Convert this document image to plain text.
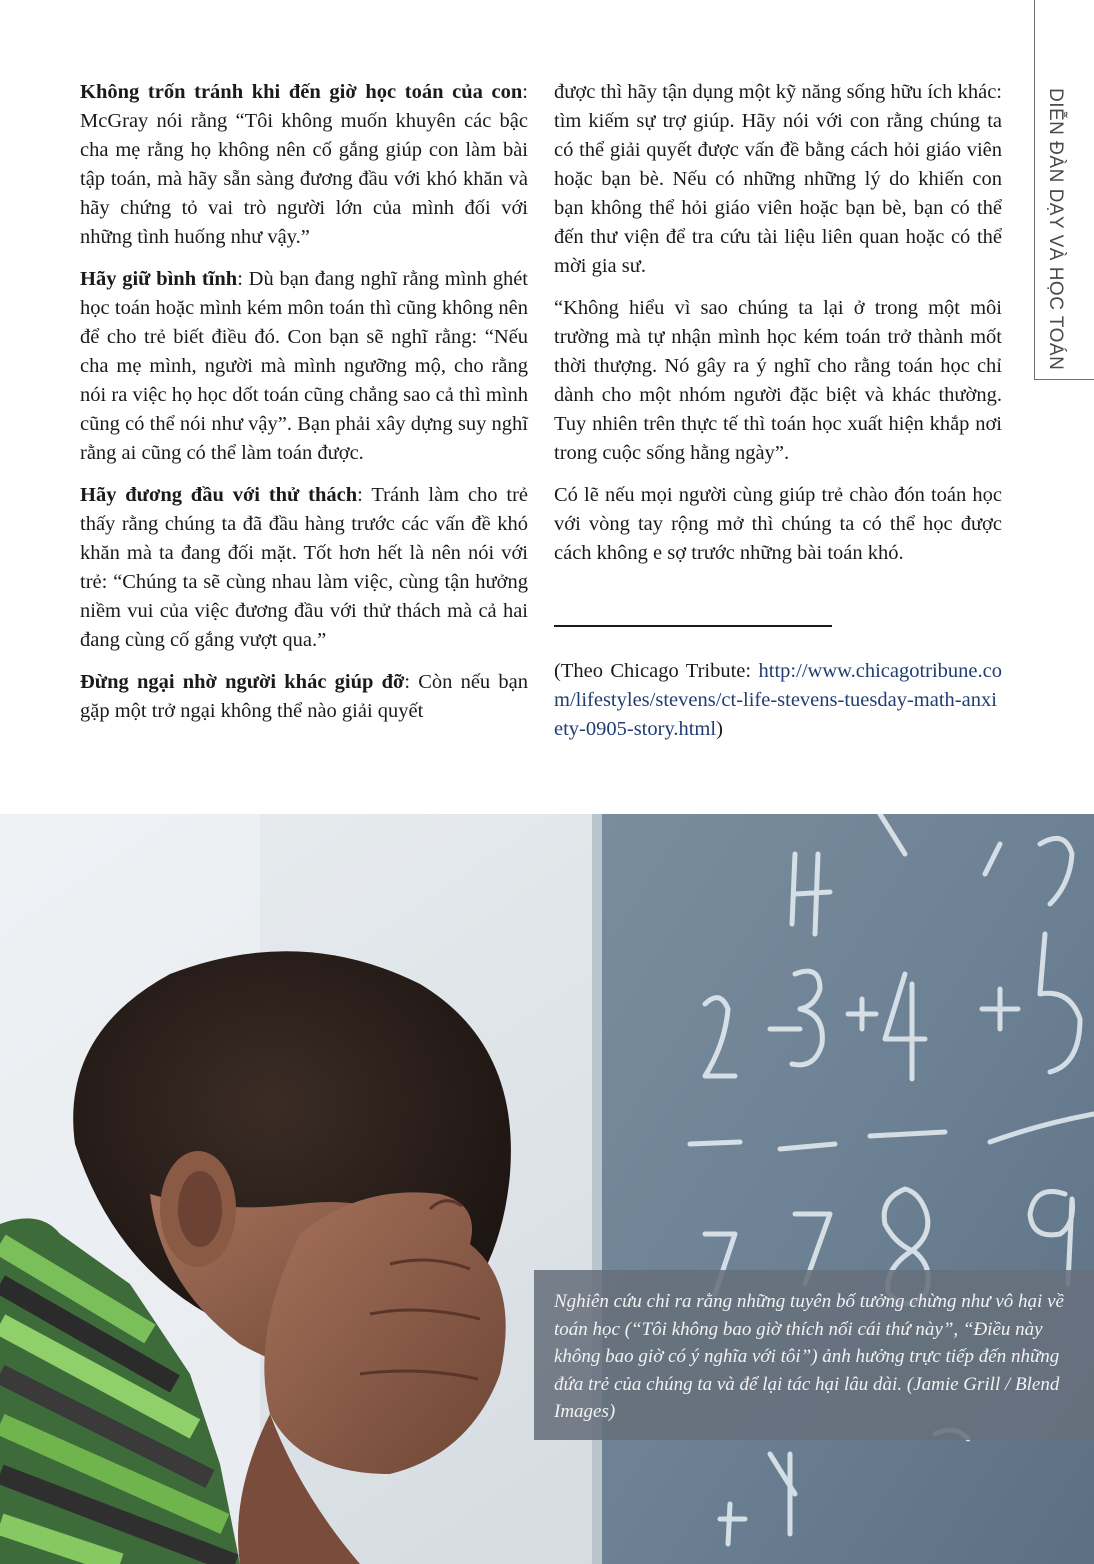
DIỄN ĐÀN DẠY VÀ HỌC TOÁN

Không trốn tránh khi đến giờ học toán của con: McGray nói rằng “Tôi không muốn khuyên các bậc cha mẹ rằng họ không nên cố gắng giúp con làm bài tập toán, mà hãy sẵn sàng đương đầu với khó khăn và hãy chứng tỏ vai trò người lớn của mình đối với những tình huống như vậy.”

Hãy giữ bình tĩnh: Dù bạn đang nghĩ rằng mình ghét học toán hoặc mình kém môn toán thì cũng không nên để cho trẻ biết điều đó. Con bạn sẽ nghĩ rằng: “Nếu cha mẹ mình, người mà mình ngưỡng mộ, cho rằng nói ra việc họ học dốt toán cũng chẳng sao cả thì mình cũng có thể nói như vậy”. Bạn phải xây dựng suy nghĩ rằng ai cũng có thể làm toán được.

Hãy đương đầu với thử thách: Tránh làm cho trẻ thấy rằng chúng ta đã đầu hàng trước các vấn đề khó khăn mà ta đang đối mặt. Tốt hơn hết là nên nói với trẻ: “Chúng ta sẽ cùng nhau làm việc, cùng tận hưởng niềm vui của việc đương đầu với thử thách mà cả hai đang cùng cố gắng vượt qua.”

Đừng ngại nhờ người khác giúp đỡ: Còn nếu bạn gặp một trở ngại không thể nào giải quyết

được thì hãy tận dụng một kỹ năng sống hữu ích khác: tìm kiếm sự trợ giúp. Hãy nói với con rằng chúng ta có thể giải quyết được vấn đề bằng cách hỏi giáo viên hoặc bạn bè. Nếu có những những lý do khiến con bạn không thể hỏi giáo viên hoặc bạn bè, bạn có thể đến thư viện để tra cứu tài liệu liên quan hoặc có thể mời gia sư.

“Không hiểu vì sao chúng ta lại ở trong một môi trường mà tự nhận mình học kém toán trở thành mốt thời thượng. Nó gây ra ý nghĩ cho rằng toán học chỉ dành cho một nhóm người đặc biệt và khác thường. Tuy nhiên trên thực tế thì toán học xuất hiện khắp nơi trong cuộc sống hằng ngày”.

Có lẽ nếu mọi người cùng giúp trẻ chào đón toán học với vòng tay rộng mở thì chúng ta có thể học được cách không e sợ trước những bài toán khó.

(Theo Chicago Tribute: http://www.chicagotribune.com/lifestyles/stevens/ct-life-stevens-tuesday-math-anxiety-0905-story.html)

Nghiên cứu chỉ ra rằng những tuyên bố tưởng chừng như vô hại về toán học (“Tôi không bao giờ thích nổi cái thứ này”, “Điều này không bao giờ có ý nghĩa với tôi”) ảnh hưởng trực tiếp đến những đứa trẻ của chúng ta và để lại tác hại lâu dài. (Jamie Grill / Blend Images)
